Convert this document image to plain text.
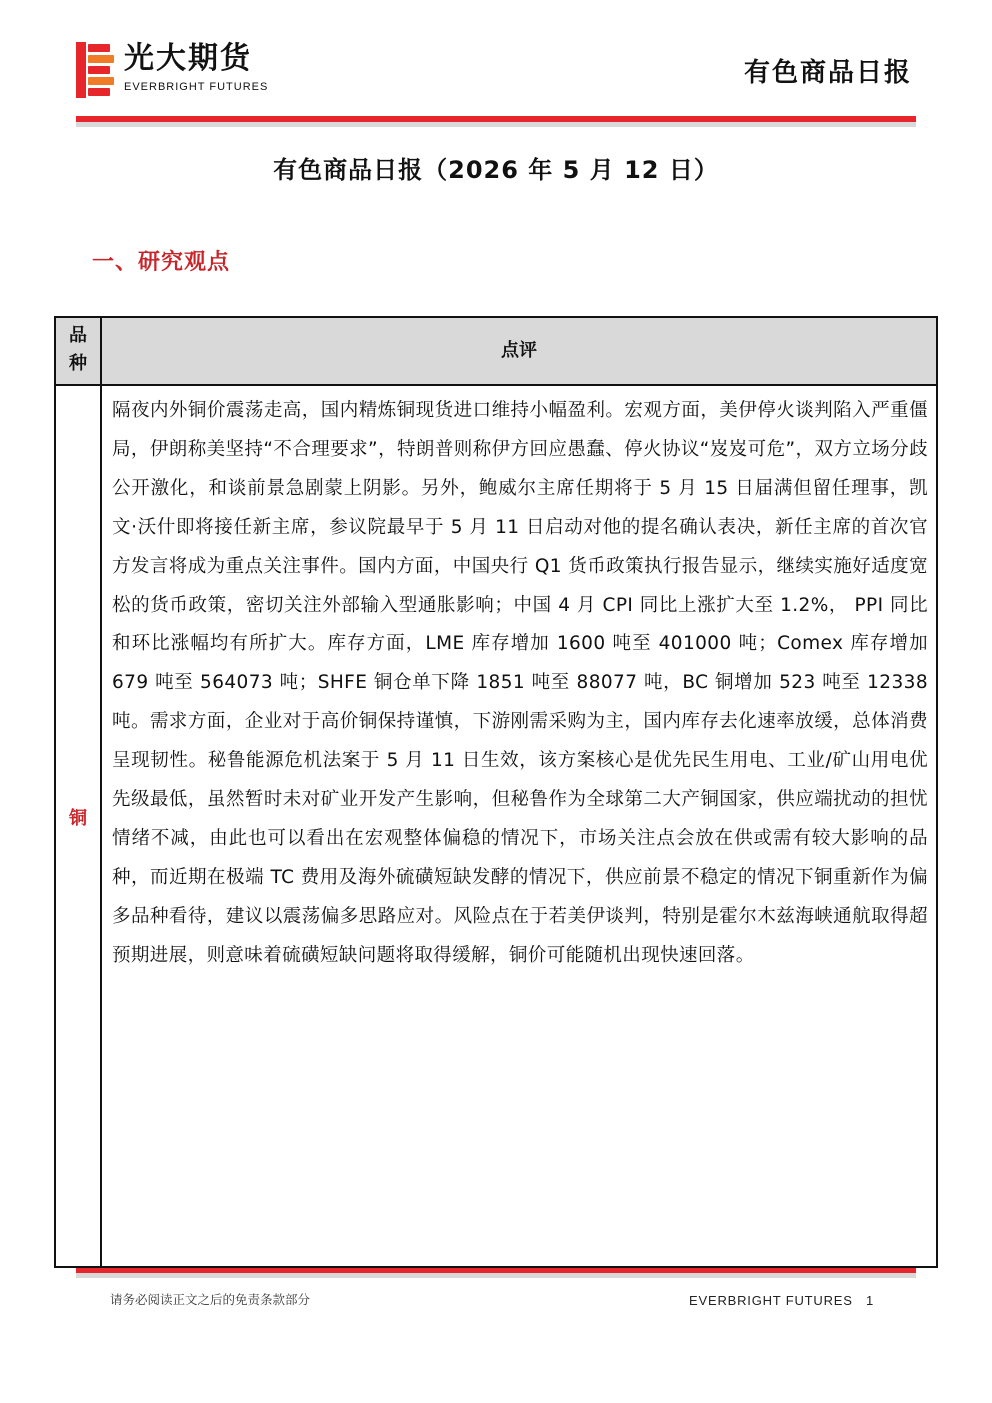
光大期货
EVERBRIGHT FUTURES	有色商品日报
有色商品日报（2026 年 5 月 12 日）
一、研究观点
品
种
点评
铜
隔夜内外铜价震荡走高，国内精炼铜现货进口维持小幅盈利。宏观方面，美伊停火谈判陷入严重僵局，伊朗称美坚持“不合理要求”，特朗普则称伊方回应愚蠢、停火协议“岌岌可危”，双方立场分歧公开激化，和谈前景急剧蒙上阴影。另外，鲍威尔主席任期将于 5 月 15 日届满但留任理事，凯文·沃什即将接任新主席，参议院最早于 5 月 11 日启动对他的提名确认表决，新任主席的首次官方发言将成为重点关注事件。国内方面，中国央行 Q1 货币政策执行报告显示，继续实施好适度宽松的货币政策，密切关注外部输入型通胀影响；中国 4 月 CPI 同比上涨扩大至 1.2%， PPI 同比和环比涨幅均有所扩大。库存方面，LME 库存增加 1600 吨至 401000 吨；Comex 库存增加 679 吨至 564073 吨；SHFE 铜仓单下降 1851 吨至 88077 吨，BC 铜增加 523 吨至 12338 吨。需求方面，企业对于高价铜保持谨慎，下游刚需采购为主，国内库存去化速率放缓，总体消费呈现韧性。秘鲁能源危机法案于 5 月 11 日生效，该方案核心是优先民生用电、工业/矿山用电优先级最低，虽然暂时未对矿业开发产生影响，但秘鲁作为全球第二大产铜国家，供应端扰动的担忧情绪不减，由此也可以看出在宏观整体偏稳的情况下，市场关注点会放在供或需有较大影响的品种，而近期在极端 TC 费用及海外硫磺短缺发酵的情况下，供应前景不稳定的情况下铜重新作为偏多品种看待，建议以震荡偏多思路应对。风险点在于若美伊谈判，特别是霍尔木兹海峡通航取得超预期进展，则意味着硫磺短缺问题将取得缓解，铜价可能随机出现快速回落。
请务必阅读正文之后的免责条款部分	EVERBRIGHT FUTURES 1
